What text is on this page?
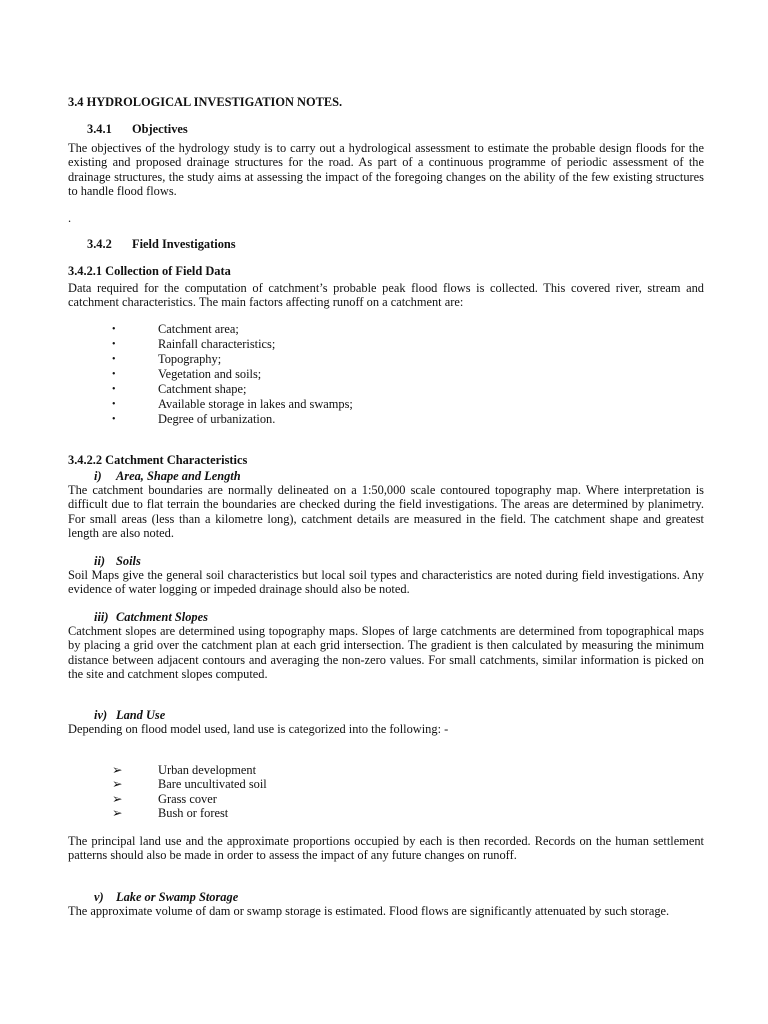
3.4 HYDROLOGICAL INVESTIGATION NOTES.

3.4.1 Objectives

The objectives of the hydrology study is to carry out a hydrological assessment to estimate the probable design floods for the existing and proposed drainage structures for the road. As part of a continuous programme of periodic assessment of the drainage structures, the study aims at assessing the impact of the foregoing changes on the ability of the few existing structures to handle flood flows.

.

3.4.2 Field Investigations

3.4.2.1 Collection of Field Data

Data required for the computation of catchment’s probable peak flood flows is collected. This covered river, stream and catchment characteristics. The main factors affecting runoff on a catchment are:

•	Catchment area;
•	Rainfall characteristics;
•	Topography;
•	Vegetation and soils;
•	Catchment shape;
•	Available storage in lakes and swamps;
•	Degree of urbanization.

3.4.2.2 Catchment Characteristics

i) Area, Shape and Length

The catchment boundaries are normally delineated on a 1:50,000 scale contoured topography map. Where interpretation is difficult due to flat terrain the boundaries are checked during the field investigations. The areas are determined by planimetry. For small areas (less than a kilometre long), catchment details are measured in the field. The catchment shape and greatest length are also noted.

ii) Soils

Soil Maps give the general soil characteristics but local soil types and characteristics are noted during field investigations. Any evidence of water logging or impeded drainage should also be noted.

iii) Catchment Slopes

Catchment slopes are determined using topography maps. Slopes of large catchments are determined from topographical maps by placing a grid over the catchment plan at each grid intersection. The gradient is then calculated by measuring the minimum distance between adjacent contours and averaging the non-zero values. For small catchments, similar information is picked on the site and catchment slopes computed.

iv) Land Use

Depending on flood model used, land use is categorized into the following: -

➢	Urban development
➢	Bare uncultivated soil
➢	Grass cover
➢	Bush or forest

The principal land use and the approximate proportions occupied by each is then recorded. Records on the human settlement patterns should also be made in order to assess the impact of any future changes on runoff.

v) Lake or Swamp Storage

The approximate volume of dam or swamp storage is estimated. Flood flows are significantly attenuated by such storage.
